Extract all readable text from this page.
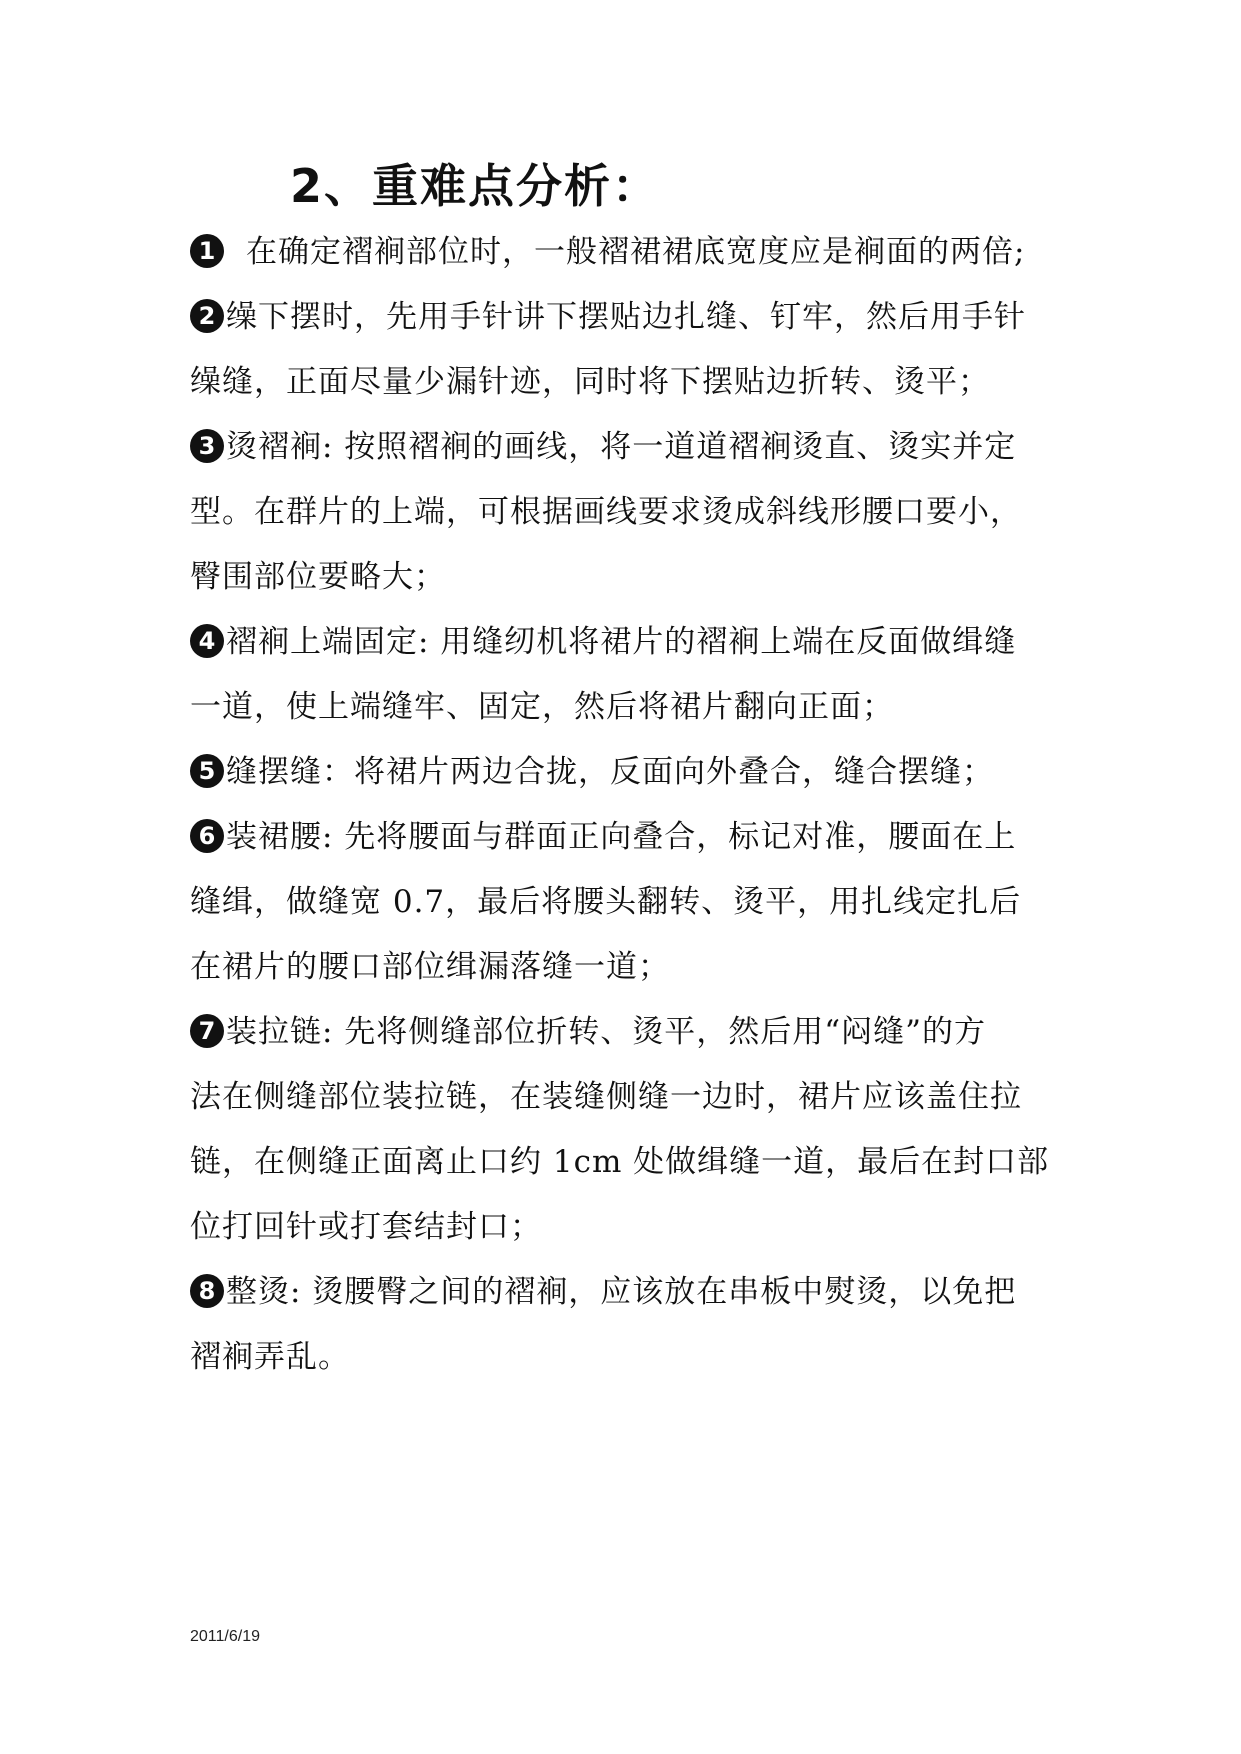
2、重难点分析：
1 在确定褶裥部位时，一般褶裙裙底宽度应是裥面的两倍;
2 缲下摆时，先用手针讲下摆贴边扎缝、钉牢，然后用手针
缲缝，正面尽量少漏针迹，同时将下摆贴边折转、烫平；
3 烫褶裥: 按照褶裥的画线，将一道道褶裥烫直、烫实并定
型。在群片的上端，可根据画线要求烫成斜线形腰口要小，
臀围部位要略大；
4 褶裥上端固定: 用缝纫机将裙片的褶裥上端在反面做缉缝
一道，使上端缝牢、固定，然后将裙片翻向正面；
5 缝摆缝：将裙片两边合拢，反面向外叠合，缝合摆缝；
6 装裙腰: 先将腰面与群面正向叠合，标记对准，腰面在上
缝缉，做缝宽 0.7，最后将腰头翻转、烫平，用扎线定扎后
在裙片的腰口部位缉漏落缝一道；
7 装拉链: 先将侧缝部位折转、烫平，然后用“闷缝”的方
法在侧缝部位装拉链，在装缝侧缝一边时，裙片应该盖住拉
链，在侧缝正面离止口约 1cm 处做缉缝一道，最后在封口部
位打回针或打套结封口；
8 整烫: 烫腰臀之间的褶裥，应该放在串板中熨烫，以免把
褶裥弄乱。
2011/6/19
